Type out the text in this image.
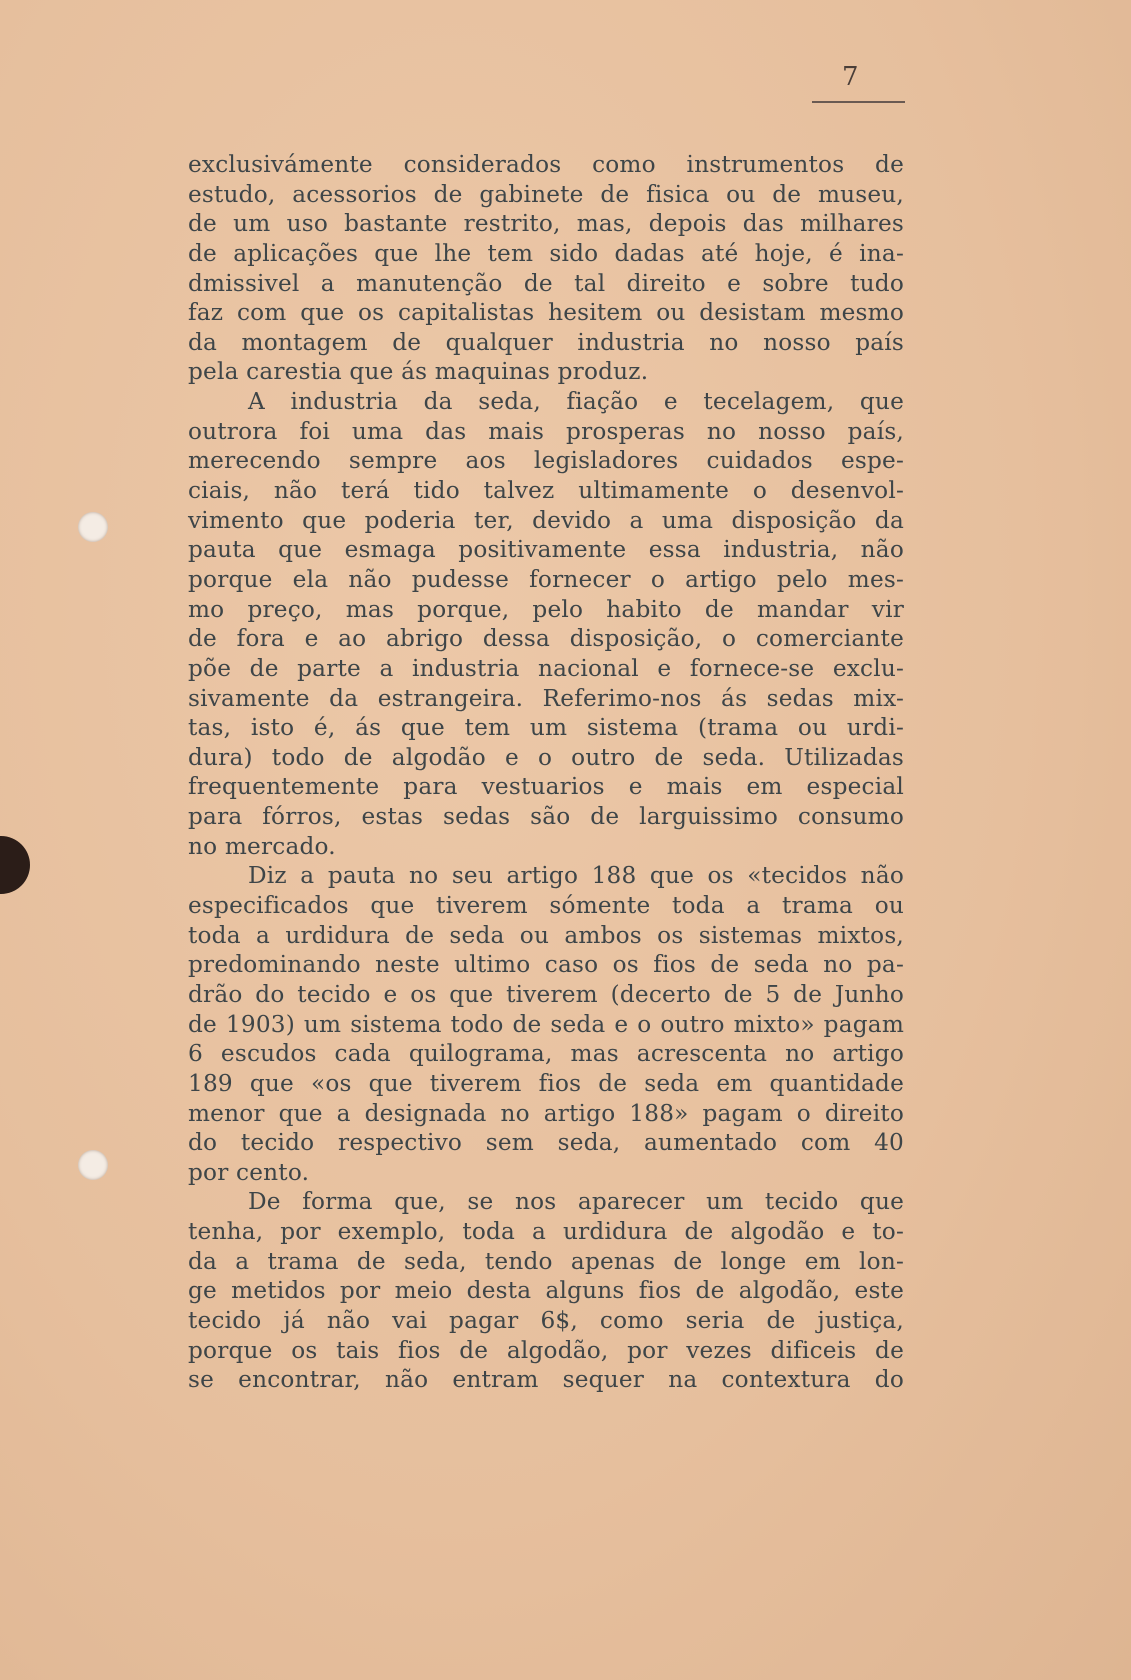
7
exclusivámente considerados como instrumentos de
estudo, acessorios de gabinete de fisica ou de museu,
de um uso bastante restrito, mas, depois das milhares
de aplicações que lhe tem sido dadas até hoje, é ina-
dmissivel a manutenção de tal direito e sobre tudo
faz com que os capitalistas hesitem ou desistam mesmo
da montagem de qualquer industria no nosso país
pela carestia que ás maquinas produz.
A industria da seda, fiação e tecelagem, que
outrora foi uma das mais prosperas no nosso país,
merecendo sempre aos legisladores cuidados espe-
ciais, não terá tido talvez ultimamente o desenvol-
vimento que poderia ter, devido a uma disposição da
pauta que esmaga positivamente essa industria, não
porque ela não pudesse fornecer o artigo pelo mes-
mo preço, mas porque, pelo habito de mandar vir
de fora e ao abrigo dessa disposição, o comerciante
põe de parte a industria nacional e fornece-se exclu-
sivamente da estrangeira. Referimo-nos ás sedas mix-
tas, isto é, ás que tem um sistema (trama ou urdi-
dura) todo de algodão e o outro de seda. Utilizadas
frequentemente para vestuarios e mais em especial
para fórros, estas sedas são de larguissimo consumo
no mercado.
Diz a pauta no seu artigo 188 que os «tecidos não
especificados que tiverem sómente toda a trama ou
toda a urdidura de seda ou ambos os sistemas mixtos,
predominando neste ultimo caso os fios de seda no pa-
drão do tecido e os que tiverem (decerto de 5 de Junho
de 1903) um sistema todo de seda e o outro mixto» pagam
6 escudos cada quilograma, mas acrescenta no artigo
189 que «os que tiverem fios de seda em quantidade
menor que a designada no artigo 188» pagam o direito
do tecido respectivo sem seda, aumentado com 40
por cento.
De forma que, se nos aparecer um tecido que
tenha, por exemplo, toda a urdidura de algodão e to-
da a trama de seda, tendo apenas de longe em lon-
ge metidos por meio desta alguns fios de algodão, este
tecido já não vai pagar 6$, como seria de justiça,
porque os tais fios de algodão, por vezes dificeis de
se encontrar, não entram sequer na contextura do
